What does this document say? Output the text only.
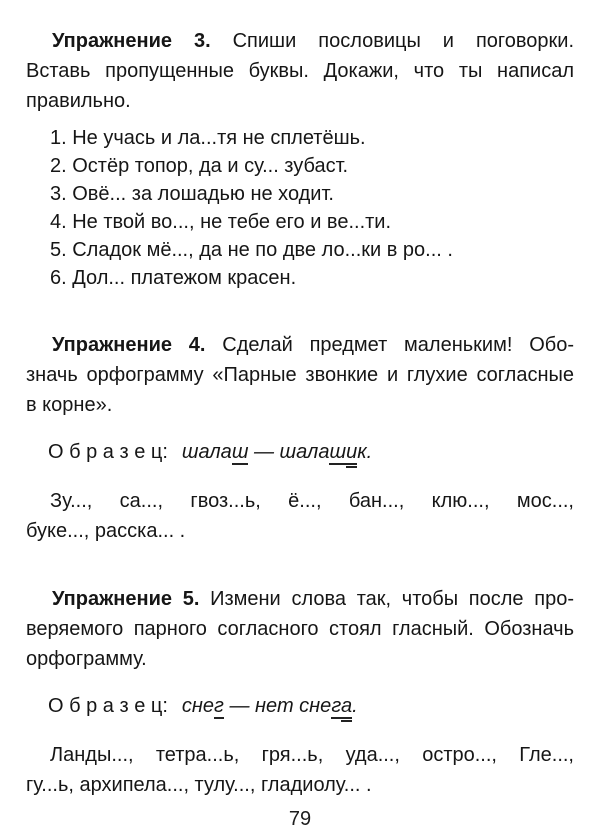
Упражнение 3. Спиши пословицы и поговорки.
Вставь пропущенные буквы. Докажи, что ты написал
правильно.

1. Не учась и ла...тя не сплетёшь.
2. Остёр топор, да и су... зубаст.
3. Овё... за лошадью не ходит.
4. Не твой во..., не тебе его и ве...ти.
5. Сладок мё..., да не по две ло...ки в ро... .
6. Дол... платежом красен.

Упражнение 4. Сделай предмет маленьким! Обо-
значь орфограмму «Парные звонкие и глухие согласные
в корне».

О б р а з е ц: шалаш — шалашик.

Зу..., са..., гвоз...ь, ё..., бан..., клю..., мос...,
буке..., расска... .

Упражнение 5. Измени слова так, чтобы после про-
веряемого парного согласного стоял гласный. Обозначь
орфограмму.

О б р а з е ц: снег — нет снега.

Ланды..., тетра...ь, гря...ь, уда..., остро..., Гле...,
гу...ь, архипела..., тулу..., гладиолу... .

79
